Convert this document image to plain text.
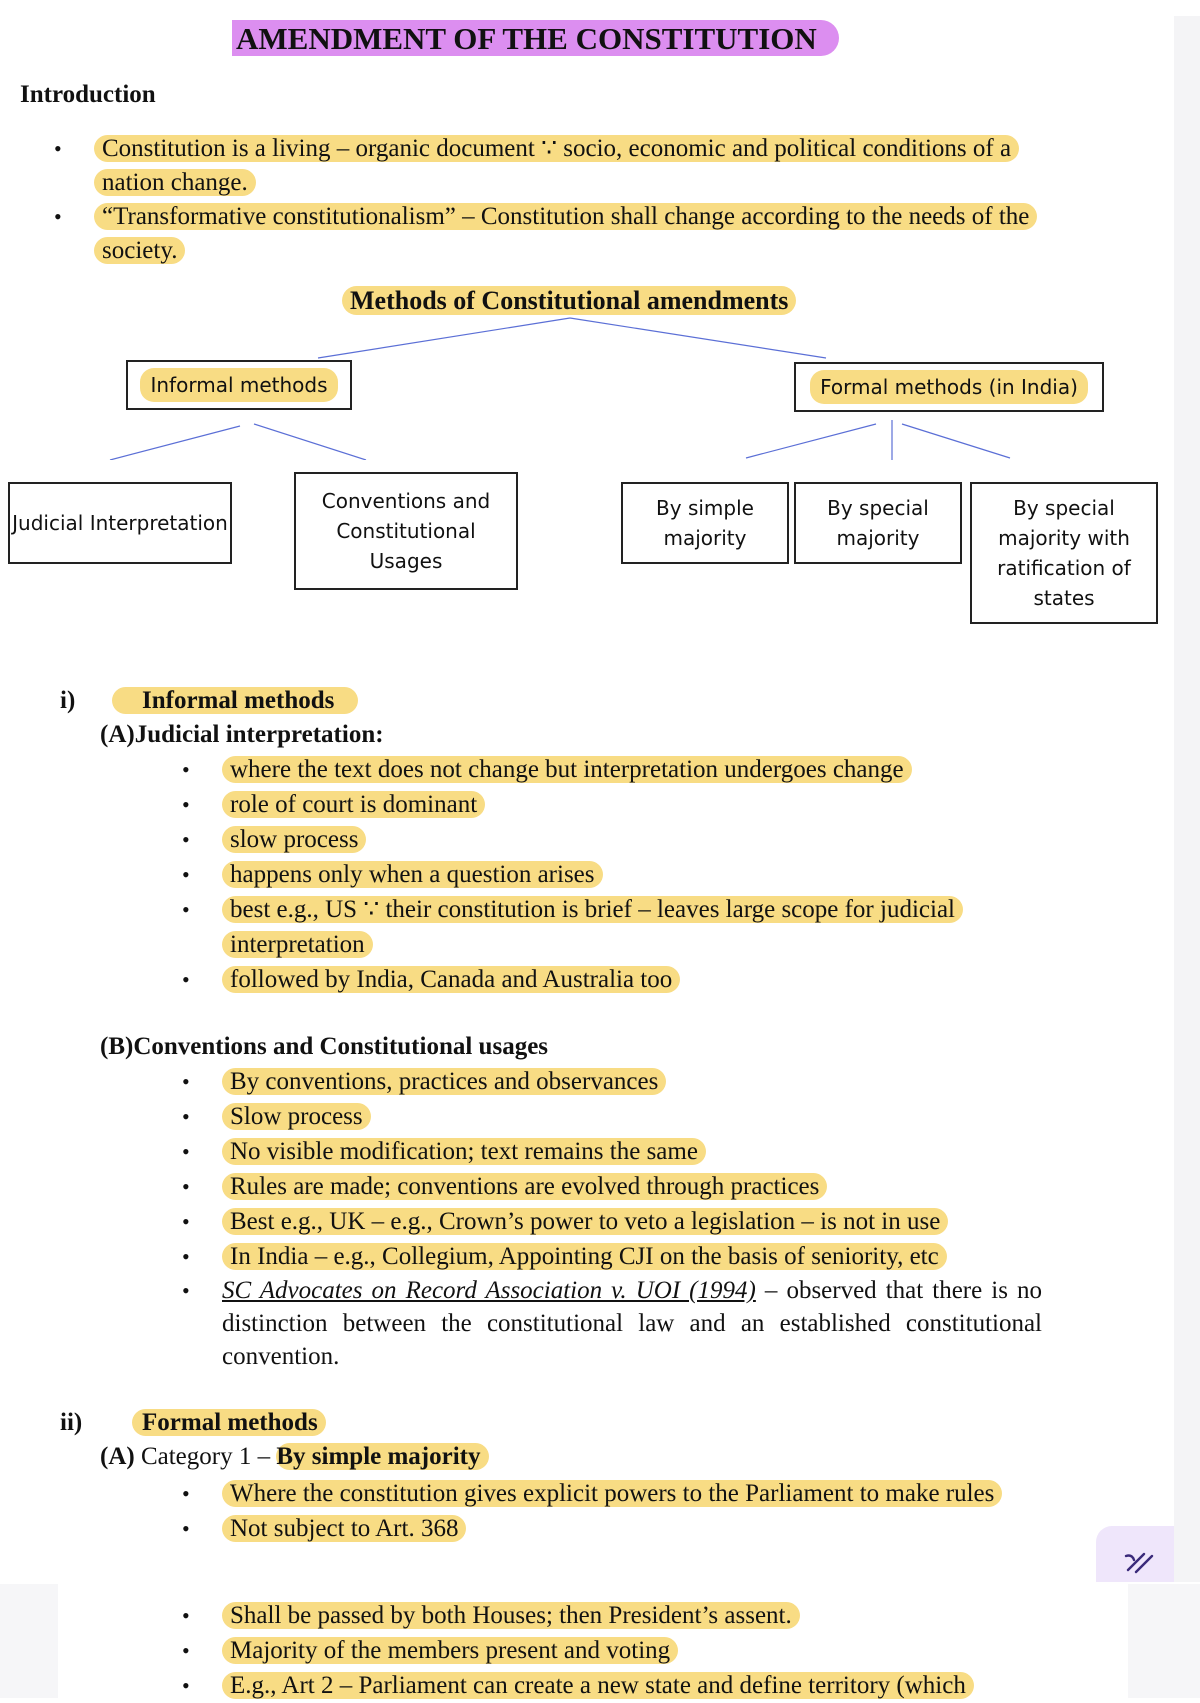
AMENDMENT OF THE CONSTITUTION
Introduction
• Constitution is a living – organic document ∵ socio, economic and political conditions of a nation change.
• “Transformative constitutionalism” – Constitution shall change according to the needs of the society.
Methods of Constitutional amendments
Informal methods	Formal methods (in India)
Judicial Interpretation
Conventions and Constitutional Usages
By simple majority
By special majority
By special majority with ratification of states
i)	Informal methods
(A)Judicial interpretation:
• where the text does not change but interpretation undergoes change
• role of court is dominant
• slow process
• happens only when a question arises
• best e.g., US ∵ their constitution is brief – leaves large scope for judicial interpretation
• followed by India, Canada and Australia too
(B)Conventions and Constitutional usages
• By conventions, practices and observances
• Slow process
• No visible modification; text remains the same
• Rules are made; conventions are evolved through practices
• Best e.g., UK – e.g., Crown’s power to veto a legislation – is not in use
• In India – e.g., Collegium, Appointing CJI on the basis of seniority, etc
• SC Advocates on Record Association v. UOI (1994) – observed that there is no distinction between the constitutional law and an established constitutional convention.
ii)	Formal methods
(A) Category 1 – By simple majority
• Where the constitution gives explicit powers to the Parliament to make rules
• Not subject to Art. 368
• Shall be passed by both Houses; then President’s assent.
• Majority of the members present and voting
• E.g., Art 2 – Parliament can create a new state and define territory (which
